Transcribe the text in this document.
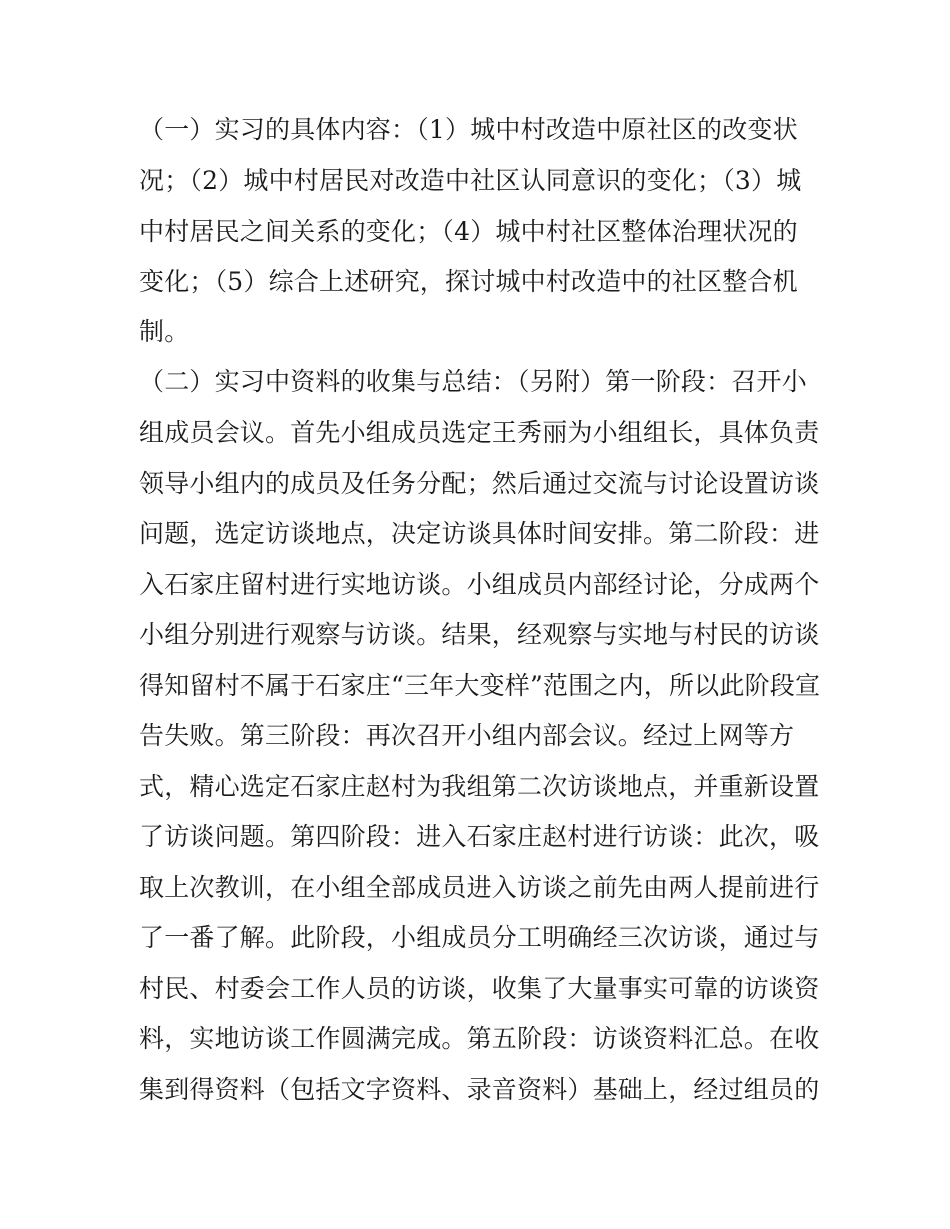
（一）实习的具体内容：（1）城中村改造中原社区的改变状
况；（2）城中村居民对改造中社区认同意识的变化；（3）城
中村居民之间关系的变化；（4）城中村社区整体治理状况的
变化；（5）综合上述研究，探讨城中村改造中的社区整合机
制。
（二）实习中资料的收集与总结：（另附）第一阶段：召开小
组成员会议。首先小组成员选定王秀丽为小组组长，具体负责
领导小组内的成员及任务分配；然后通过交流与讨论设置访谈
问题，选定访谈地点，决定访谈具体时间安排。第二阶段：进
入石家庄留村进行实地访谈。小组成员内部经讨论，分成两个
小组分别进行观察与访谈。结果，经观察与实地与村民的访谈
得知留村不属于石家庄“三年大变样”范围之内，所以此阶段宣
告失败。第三阶段：再次召开小组内部会议。经过上网等方
式，精心选定石家庄赵村为我组第二次访谈地点，并重新设置
了访谈问题。第四阶段：进入石家庄赵村进行访谈：此次，吸
取上次教训，在小组全部成员进入访谈之前先由两人提前进行
了一番了解。此阶段，小组成员分工明确经三次访谈，通过与
村民、村委会工作人员的访谈，收集了大量事实可靠的访谈资
料，实地访谈工作圆满完成。第五阶段：访谈资料汇总。在收
集到得资料（包括文字资料、录音资料）基础上，经过组员的
